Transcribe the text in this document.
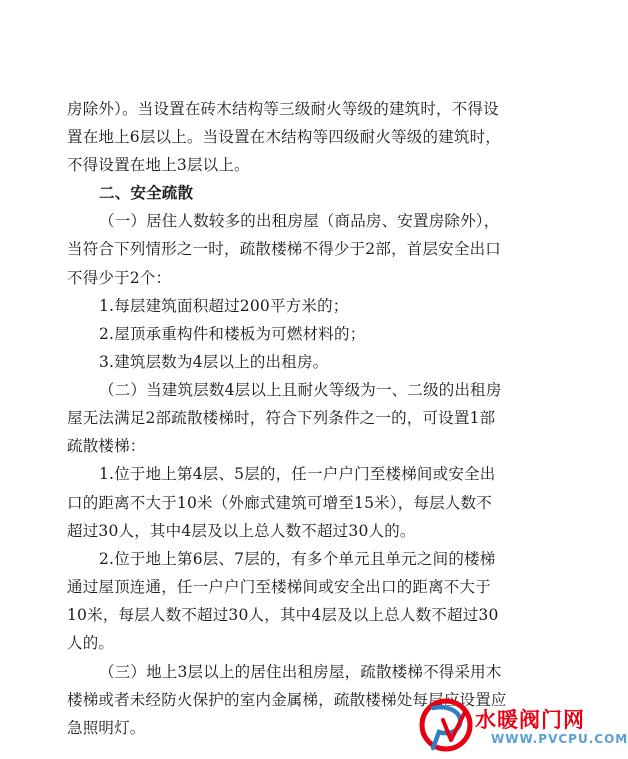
房除外）。当设置在砖木结构等三级耐火等级的建筑时，不得设
置在地上6层以上。当设置在木结构等四级耐火等级的建筑时，
不得设置在地上3层以上。
二、安全疏散
（一）居住人数较多的出租房屋（商品房、安置房除外），
当符合下列情形之一时，疏散楼梯不得少于2部，首层安全出口
不得少于2个：
1.每层建筑面积超过200平方米的；
2.屋顶承重构件和楼板为可燃材料的；
3.建筑层数为4层以上的出租房。
（二）当建筑层数4层以上且耐火等级为一、二级的出租房
屋无法满足2部疏散楼梯时，符合下列条件之一的，可设置1部
疏散楼梯：
1.位于地上第4层、5层的，任一户户门至楼梯间或安全出
口的距离不大于10米（外廊式建筑可增至15米），每层人数不
超过30人，其中4层及以上总人数不超过30人的。
2.位于地上第6层、7层的，有多个单元且单元之间的楼梯
通过屋顶连通，任一户户门至楼梯间或安全出口的距离不大于
10米，每层人数不超过30人，其中4层及以上总人数不超过30
人的。
（三）地上3层以上的居住出租房屋，疏散楼梯不得采用木
楼梯或者未经防火保护的室内金属梯，疏散楼梯处每层应设置应
急照明灯。	水暖阀门网
WWW.PVCPU.COM
